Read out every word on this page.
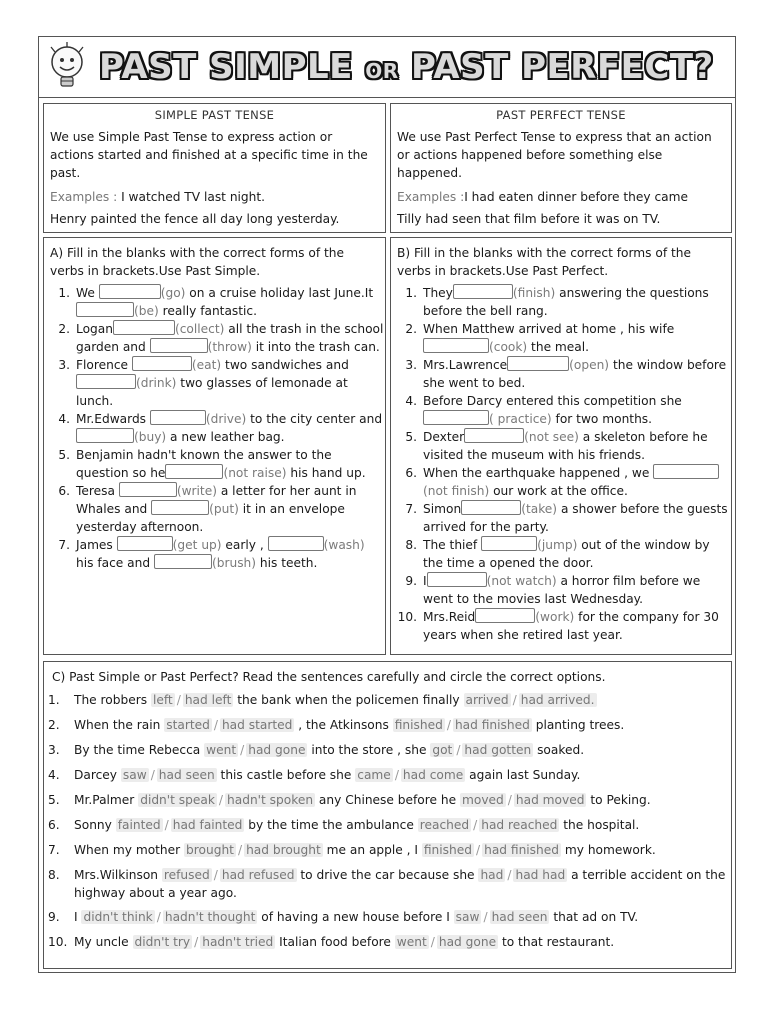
PAST SIMPLE OR PAST PERFECT?
SIMPLE PAST TENSE
We use Simple Past Tense to express action or actions started and finished at a specific time in the past.
Examples : I watched TV last night.
Henry painted the fence all day long yesterday.
PAST PERFECT TENSE
We use Past Perfect Tense to express that an action or actions happened before something else happened.
Examples :I had eaten dinner before they came
Tilly had seen that film before it was on TV.
A) Fill in the blanks with the correct forms of the verbs in brackets.Use Past Simple.
1. We	(go) on a cruise holiday last June.It (be) really fantastic.
2. Logan	(collect) all the trash in the school garden and	(throw) it into the trash can.
3. Florence	(eat) two sandwiches and (drink) two glasses of lemonade at lunch.
4. Mr.Edwards	(drive) to the city center and (buy) a new leather bag.
5. Benjamin hadn't known the answer to the question so he	(not raise) his hand up.
6. Teresa	(write) a letter for her aunt in Whales and	(put) it in an envelope yesterday afternoon.
7. James	(get up) early ,	(wash) his face and	(brush) his teeth.
B) Fill in the blanks with the correct forms of the verbs in brackets.Use Past Perfect.
1. They	(finish) answering the questions before the bell rang.
2. When Matthew arrived at home , his wife (cook) the meal.
3. Mrs.Lawrence	(open) the window before she went to bed.
4. Before Darcy entered this competition she ( practice) for two months.
5. Dexter	(not see) a skeleton before he visited the museum with his friends.
6. When the earthquake happened , we (not finish) our work at the office.
7. Simon	(take) a shower before the guests arrived for the party.
8. The thief	(jump) out of the window by the time a opened the door.
9. I	(not watch) a horror film before we went to the movies last Wednesday.
10. Mrs.Reid	(work) for the company for 30 years when she retired last year.
C) Past Simple or Past Perfect? Read the sentences carefully and circle the correct options.
1.	The robbers left / had left the bank when the policemen finally arrived / had arrived.
2.	When the rain started / had started , the Atkinsons finished / had finished planting trees.
3.	By the time Rebecca went / had gone into the store , she got / had gotten soaked.
4.	Darcey saw / had seen this castle before she came / had come again last Sunday.
5.	Mr.Palmer didn't speak / hadn't spoken any Chinese before he moved / had moved to Peking.
6.	Sonny fainted / had fainted by the time the ambulance reached / had reached the hospital.
7.	When my mother brought / had brought me an apple , I finished / had finished my homework.
8.	Mrs.Wilkinson refused / had refused to drive the car because she had / had had a terrible accident on the highway about a year ago.
9.	I didn't think / hadn't thought of having a new house before I saw / had seen that ad on TV.
10. My uncle didn't try / hadn't tried Italian food before went / had gone to that restaurant.
